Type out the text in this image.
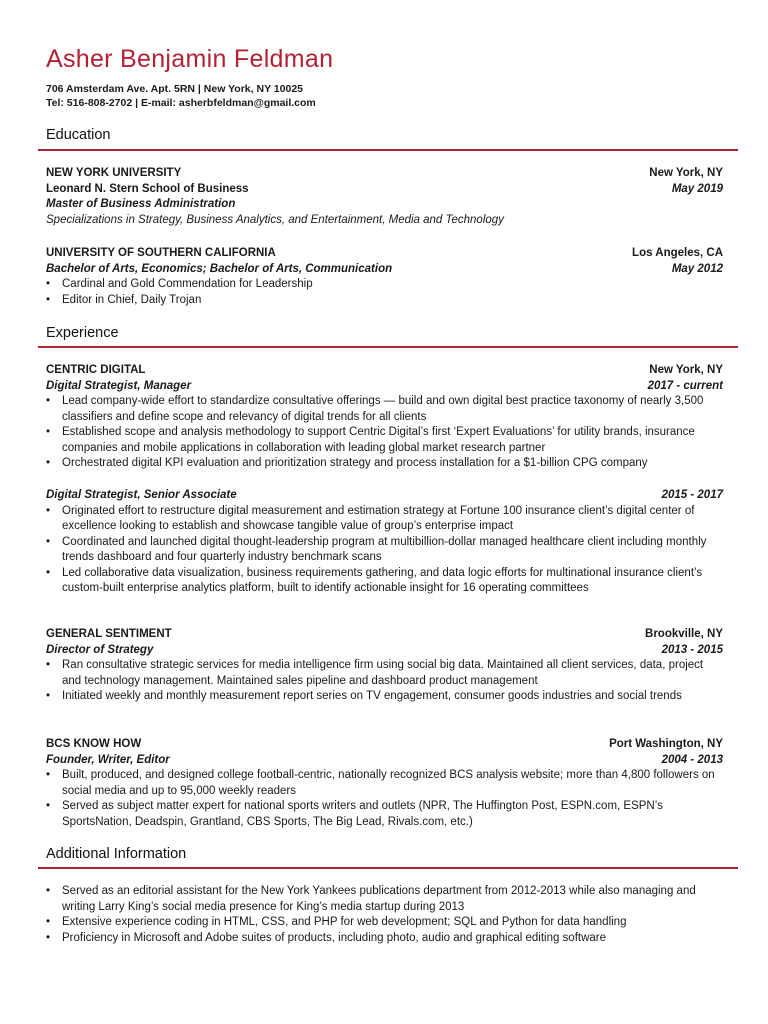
Asher Benjamin Feldman
706 Amsterdam Ave. Apt. 5RN | New York, NY 10025
Tel: 516-808-2702 | E-mail: asherbfeldman@gmail.com
Education
NEW YORK UNIVERSITY	New York, NY
Leonard N. Stern School of Business	May 2019
Master of Business Administration
Specializations in Strategy, Business Analytics, and Entertainment, Media and Technology
UNIVERSITY OF SOUTHERN CALIFORNIA	Los Angeles, CA
Bachelor of Arts, Economics; Bachelor of Arts, Communication	May 2012
• Cardinal and Gold Commendation for Leadership
• Editor in Chief, Daily Trojan
Experience
CENTRIC DIGITAL	New York, NY
Digital Strategist, Manager	2017 - current
• Lead company-wide effort to standardize consultative offerings — build and own digital best practice taxonomy of nearly 3,500 classifiers and define scope and relevancy of digital trends for all clients
• Established scope and analysis methodology to support Centric Digital’s first ‘Expert Evaluations’ for utility brands, insurance companies and mobile applications in collaboration with leading global market research partner
• Orchestrated digital KPI evaluation and prioritization strategy and process installation for a $1-billion CPG company
Digital Strategist, Senior Associate	2015 - 2017
• Originated effort to restructure digital measurement and estimation strategy at Fortune 100 insurance client’s digital center of excellence looking to establish and showcase tangible value of group’s enterprise impact
• Coordinated and launched digital thought-leadership program at multibillion-dollar managed healthcare client including monthly trends dashboard and four quarterly industry benchmark scans
• Led collaborative data visualization, business requirements gathering, and data logic efforts for multinational insurance client’s custom-built enterprise analytics platform, built to identify actionable insight for 16 operating committees
GENERAL SENTIMENT	Brookville, NY
Director of Strategy	2013 - 2015
• Ran consultative strategic services for media intelligence firm using social big data. Maintained all client services, data, project and technology management. Maintained sales pipeline and dashboard product management
• Initiated weekly and monthly measurement report series on TV engagement, consumer goods industries and social trends
BCS KNOW HOW	Port Washington, NY
Founder, Writer, Editor	2004 - 2013
• Built, produced, and designed college football-centric, nationally recognized BCS analysis website; more than 4,800 followers on social media and up to 95,000 weekly readers
• Served as subject matter expert for national sports writers and outlets (NPR, The Huffington Post, ESPN.com, ESPN’s SportsNation, Deadspin, Grantland, CBS Sports, The Big Lead, Rivals.com, etc.)
Additional Information
• Served as an editorial assistant for the New York Yankees publications department from 2012-2013 while also managing and writing Larry King’s social media presence for King’s media startup during 2013
• Extensive experience coding in HTML, CSS, and PHP for web development; SQL and Python for data handling
• Proficiency in Microsoft and Adobe suites of products, including photo, audio and graphical editing software
